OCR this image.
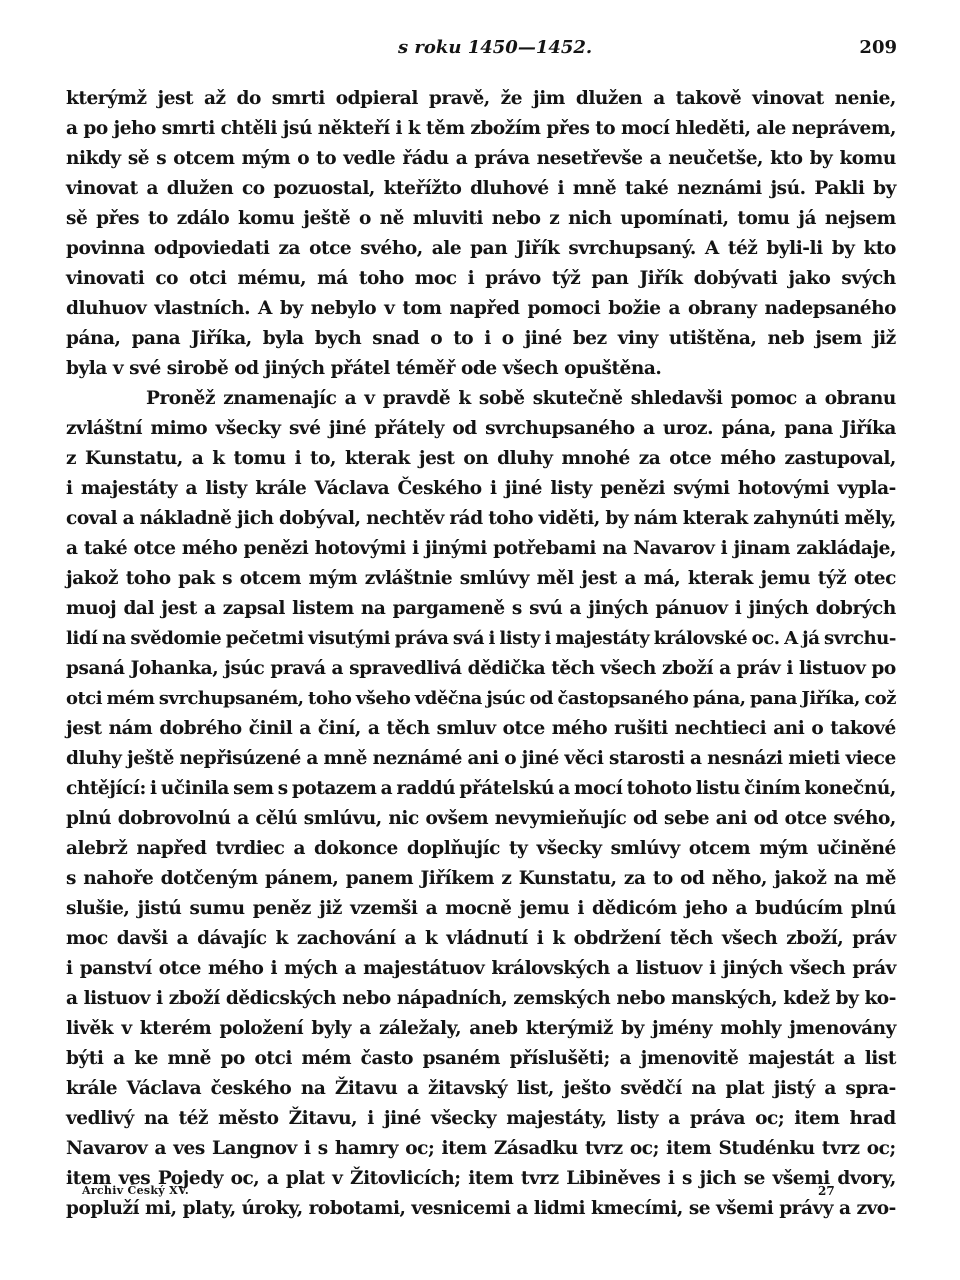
s roku 1450—1452.	209
kterýmž jest až do smrti odpieral pravě, že jim dlužen a takově vinovat nenie,
a po jeho smrti chtěli jsú někteří i k těm zbožím přes to mocí hleděti, ale neprávem,
nikdy sě s otcem mým o to vedle řádu a práva nesetřevše a neučetše, kto by komu
vinovat a dlužen co pozuostal, kteřížto dluhové i mně také neznámi jsú. Pakli by
sě přes to zdálo komu ještě o ně mluviti nebo z nich upomínati, tomu já nejsem
povinna odpoviedati za otce svého, ale pan Jiřík svrchupsaný. A též byli-li by kto
vinovati co otci mému, má toho moc i právo týž pan Jiřík dobývati jako svých
dluhuov vlastních. A by nebylo v tom napřed pomoci božie a obrany nadepsaného
pána, pana Jiříka, byla bych snad o to i o jiné bez viny utištěna, neb jsem již
byla v své sirobě od jiných přátel téměř ode všech opuštěna.
Proněž znamenajíc a v pravdě k sobě skutečně shledavši pomoc a obranu
zvláštní mimo všecky své jiné přátely od svrchupsaného a uroz. pána, pana Jiříka
z Kunstatu, a k tomu i to, kterak jest on dluhy mnohé za otce mého zastupoval,
i majestáty a listy krále Václava Českého i jiné listy penězi svými hotovými vypla-
coval a nákladně jich dobýval, nechtěv rád toho viděti, by nám kterak zahynúti měly,
a také otce mého penězi hotovými i jinými potřebami na Navarov i jinam zakládaje,
jakož toho pak s otcem mým zvláštnie smlúvy měl jest a má, kterak jemu týž otec
muoj dal jest a zapsal listem na pargameně s svú a jiných pánuov i jiných dobrých
lidí na svědomie pečetmi visutými práva svá i listy i majestáty královské oc. A já svrchu-
psaná Johanka, jsúc pravá a spravedlivá dědička těch všech zboží a práv i listuov po
otci mém svrchupsaném, toho všeho vděčna jsúc od častopsaného pána, pana Jiříka, což
jest nám dobrého činil a činí, a těch smluv otce mého rušiti nechtieci ani o takové
dluhy ještě nepřisúzené a mně neznámé ani o jiné věci starosti a nesnázi mieti viece
chtějící: i učinila sem s potazem a raddú přátelskú a mocí tohoto listu činím konečnú,
plnú dobrovolnú a cělú smlúvu, nic ovšem nevymieňujíc od sebe ani od otce svého,
alebrž napřed tvrdiec a dokonce doplňujíc ty všecky smlúvy otcem mým učiněné
s nahoře dotčeným pánem, panem Jiříkem z Kunstatu, za to od něho, jakož na mě
slušie, jistú sumu peněz již vzemši a mocně jemu i dědicóm jeho a budúcím plnú
moc davši a dávajíc k zachování a k vládnutí i k obdržení těch všech zboží, práv
i panství otce mého i mých a majestátuov královských a listuov i jiných všech práv
a listuov i zboží dědicských nebo nápadních, zemských nebo manských, kdež by ko-
livěk v kterém položení byly a záležaly, aneb kterýmiž by jmény mohly jmenovány
býti a ke mně po otci mém často psaném příslušěti; a jmenovitě majestát a list
krále Václava českého na Žitavu a žitavský list, ješto svědčí na plat jistý a spra-
vedlivý na též město Žitavu, i jiné všecky majestáty, listy a práva oc; item hrad
Navarov a ves Langnov i s hamry oc; item Zásadku tvrz oc; item Studénku tvrz oc;
item ves Pojedy oc, a plat v Žitovlicích; item tvrz Libiněves i s jich se všemi dvory,
popluží mi, platy, úroky, robotami, vesnicemi a lidmi kmecími, se všemi právy a zvo-
Archiv Český XV.	27
